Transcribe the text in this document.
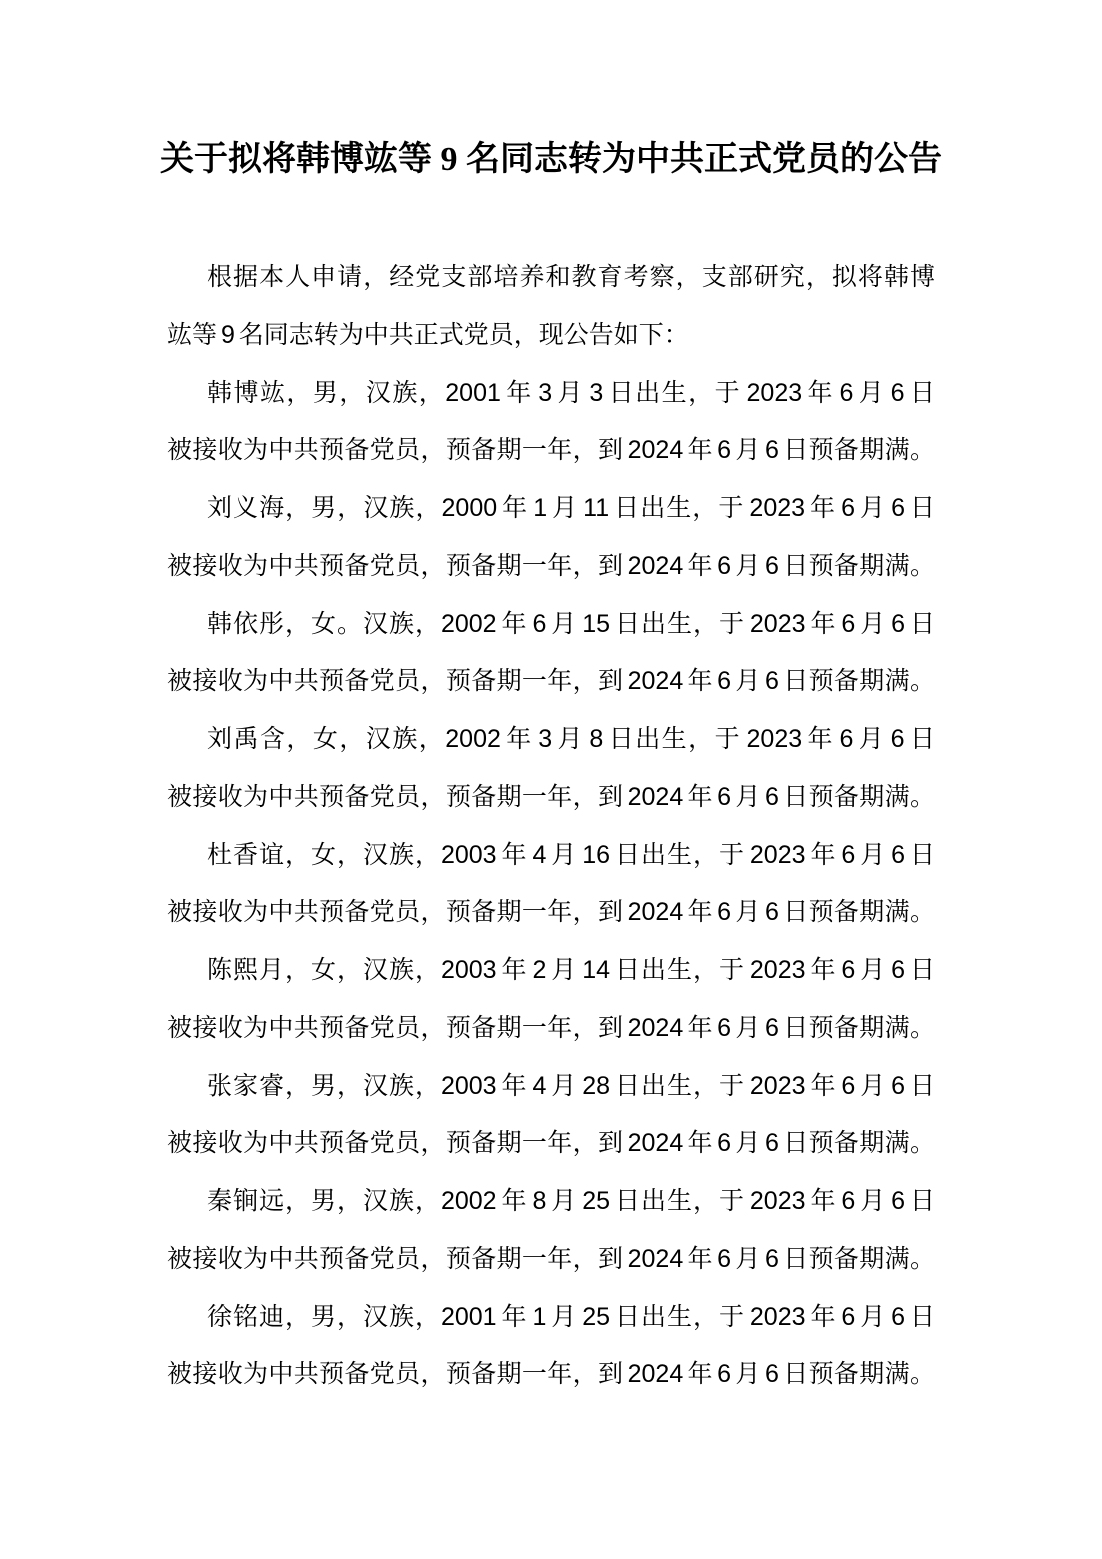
关于拟将韩博竑等 9 名同志转为中共正式党员的公告
根据本人申请，经党支部培养和教育考察，支部研究，拟将韩博
竑等 9 名同志转为中共正式党员，现公告如下：
韩博竑，男，汉族，2001 年 3 月 3 日出生，于 2023 年 6 月 6 日
被接收为中共预备党员，预备期一年，到 2024 年 6 月 6 日预备期满。
刘义海，男，汉族，2000 年 1 月 11 日出生，于 2023 年 6 月 6 日
被接收为中共预备党员，预备期一年，到 2024 年 6 月 6 日预备期满。
韩依彤，女。汉族，2002 年 6 月 15 日出生，于 2023 年 6 月 6 日
被接收为中共预备党员，预备期一年，到 2024 年 6 月 6 日预备期满。
刘禹含，女，汉族，2002 年 3 月 8 日出生，于 2023 年 6 月 6 日
被接收为中共预备党员，预备期一年，到 2024 年 6 月 6 日预备期满。
杜香谊，女，汉族，2003 年 4 月 16 日出生，于 2023 年 6 月 6 日
被接收为中共预备党员，预备期一年，到 2024 年 6 月 6 日预备期满。
陈熙月，女，汉族，2003 年 2 月 14 日出生，于 2023 年 6 月 6 日
被接收为中共预备党员，预备期一年，到 2024 年 6 月 6 日预备期满。
张家睿，男，汉族，2003 年 4 月 28 日出生，于 2023 年 6 月 6 日
被接收为中共预备党员，预备期一年，到 2024 年 6 月 6 日预备期满。
秦锏远，男，汉族，2002 年 8 月 25 日出生，于 2023 年 6 月 6 日
被接收为中共预备党员，预备期一年，到 2024 年 6 月 6 日预备期满。
徐铭迪，男，汉族，2001 年 1 月 25 日出生，于 2023 年 6 月 6 日
被接收为中共预备党员，预备期一年，到 2024 年 6 月 6 日预备期满。
